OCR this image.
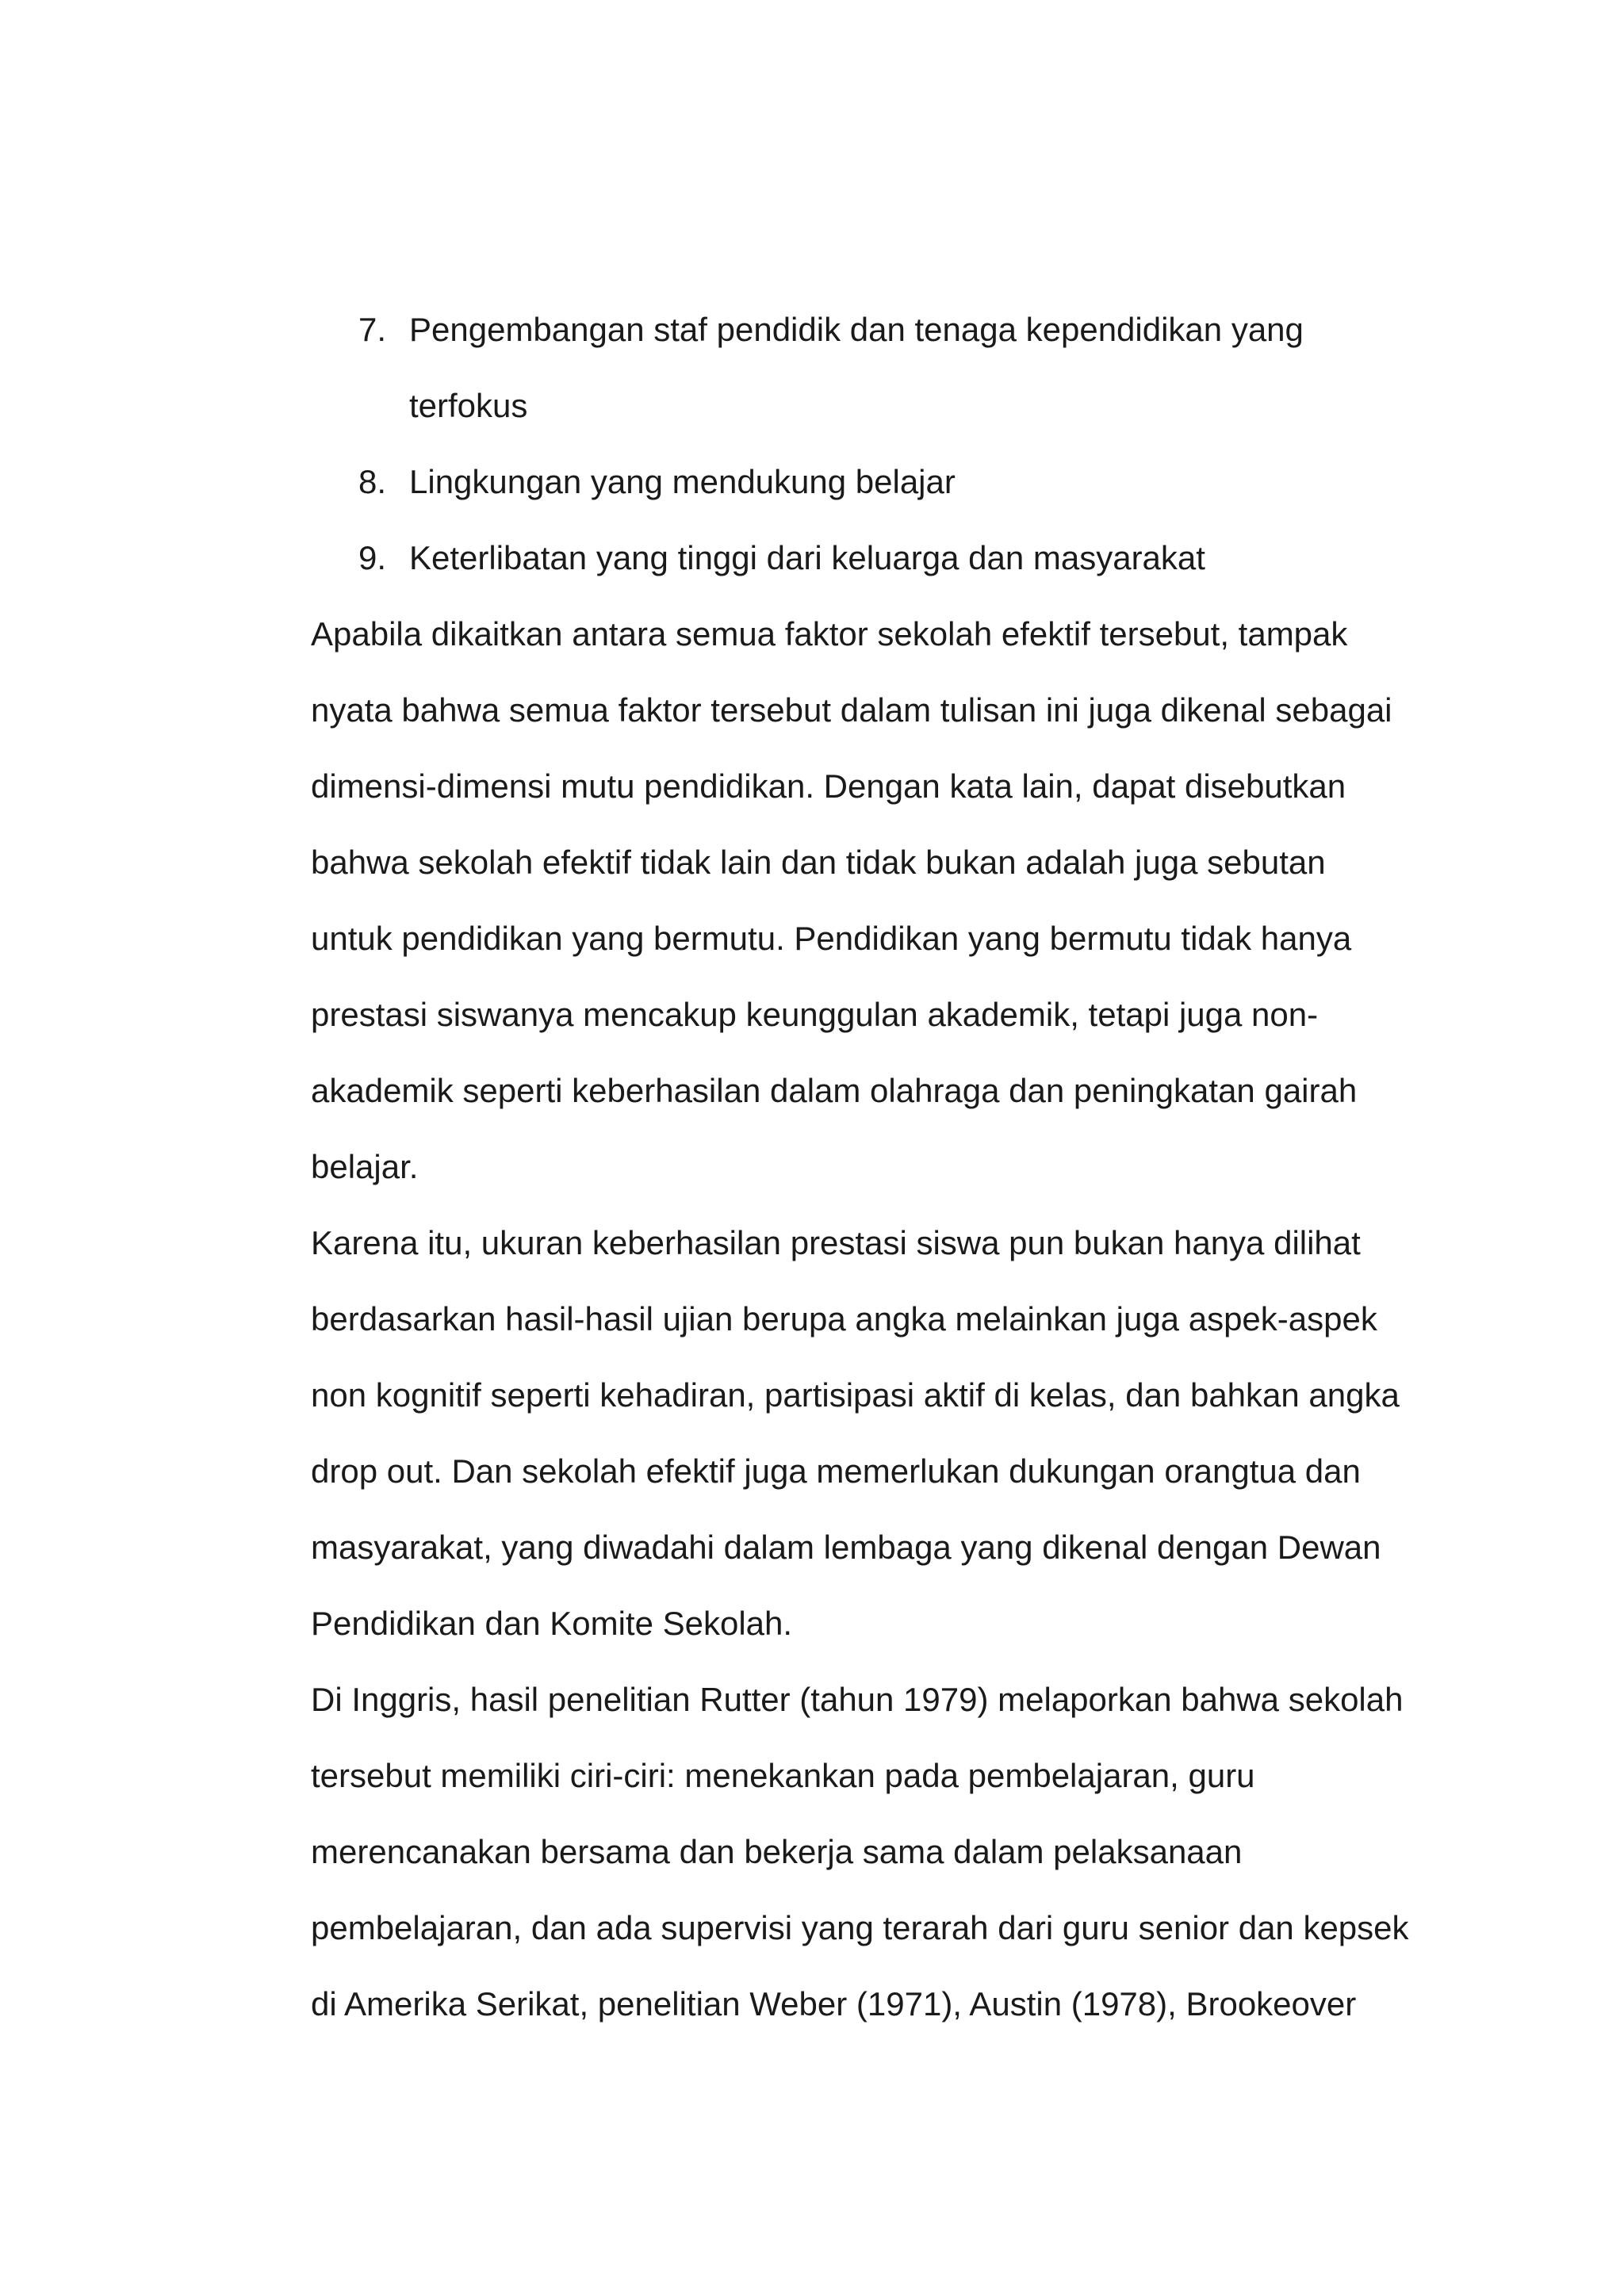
7. Pengembangan staf pendidik dan tenaga kependidikan yang
terfokus
8. Lingkungan yang mendukung belajar
9. Keterlibatan yang tinggi dari keluarga dan masyarakat
Apabila dikaitkan antara semua faktor sekolah efektif tersebut, tampak
nyata bahwa semua faktor tersebut dalam tulisan ini juga dikenal sebagai
dimensi-dimensi mutu pendidikan. Dengan kata lain, dapat disebutkan
bahwa sekolah efektif tidak lain dan tidak bukan adalah juga sebutan
untuk pendidikan yang bermutu. Pendidikan yang bermutu tidak hanya
prestasi siswanya mencakup keunggulan akademik, tetapi juga non-
akademik seperti keberhasilan dalam olahraga dan peningkatan gairah
belajar.
Karena itu, ukuran keberhasilan prestasi siswa pun bukan hanya dilihat
berdasarkan hasil-hasil ujian berupa angka melainkan juga aspek-aspek
non kognitif seperti kehadiran, partisipasi aktif di kelas, dan bahkan angka
drop out. Dan sekolah efektif juga memerlukan dukungan orangtua dan
masyarakat, yang diwadahi dalam lembaga yang dikenal dengan Dewan
Pendidikan dan Komite Sekolah.
Di Inggris, hasil penelitian Rutter (tahun 1979) melaporkan bahwa sekolah
tersebut memiliki ciri-ciri: menekankan pada pembelajaran, guru
merencanakan bersama dan bekerja sama dalam pelaksanaan
pembelajaran, dan ada supervisi yang terarah dari guru senior dan kepsek
di Amerika Serikat, penelitian Weber (1971), Austin (1978), Brookeover
